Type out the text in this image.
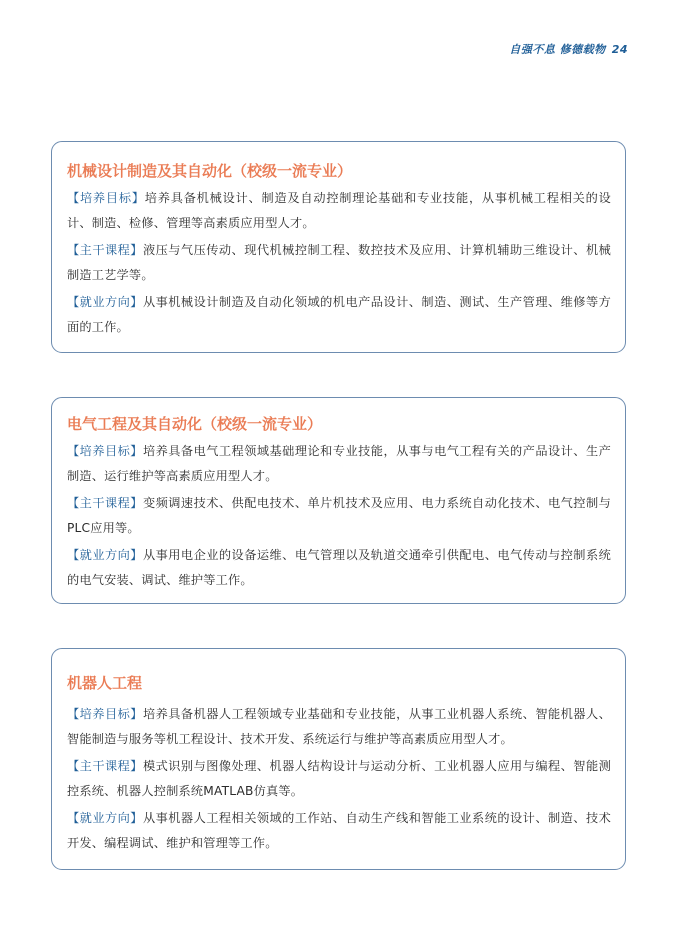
自强不息 修德载物 24
机械设计制造及其自动化（校级一流专业）

【培养目标】培养具备机械设计、制造及自动控制理论基础和专业技能，从事机械工程相关的设计、制造、检修、管理等高素质应用型人才。

【主干课程】液压与气压传动、现代机械控制工程、数控技术及应用、计算机辅助三维设计、机械制造工艺学等。

【就业方向】从事机械设计制造及自动化领域的机电产品设计、制造、测试、生产管理、维修等方面的工作。

电气工程及其自动化（校级一流专业）

【培养目标】培养具备电气工程领域基础理论和专业技能，从事与电气工程有关的产品设计、生产制造、运行维护等高素质应用型人才。

【主干课程】变频调速技术、供配电技术、单片机技术及应用、电力系统自动化技术、电气控制与PLC应用等。

【就业方向】从事用电企业的设备运维、电气管理以及轨道交通牵引供配电、电气传动与控制系统的电气安装、调试、维护等工作。

机器人工程

【培养目标】培养具备机器人工程领域专业基础和专业技能，从事工业机器人系统、智能机器人、智能制造与服务等机工程设计、技术开发、系统运行与维护等高素质应用型人才。

【主干课程】模式识别与图像处理、机器人结构设计与运动分析、工业机器人应用与编程、智能测控系统、机器人控制系统MATLAB仿真等。

【就业方向】从事机器人工程相关领域的工作站、自动生产线和智能工业系统的设计、制造、技术开发、编程调试、维护和管理等工作。
